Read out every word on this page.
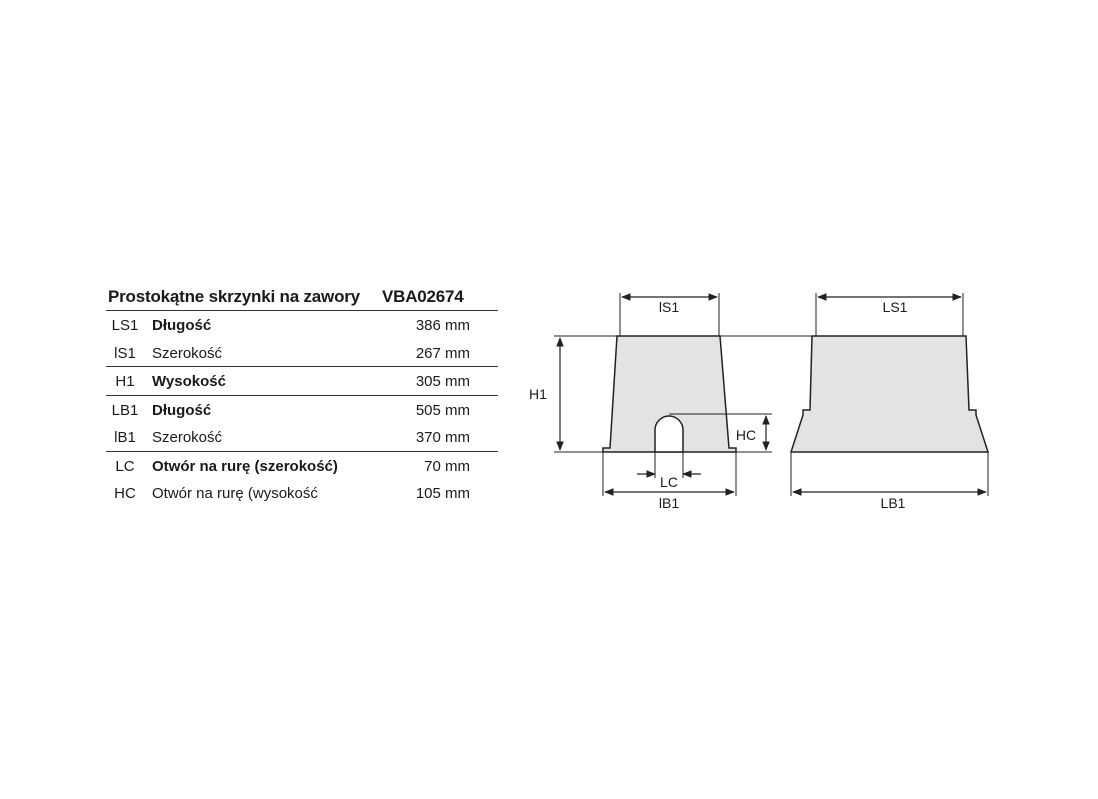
Prostokątne skrzynki na zawory VBA02674
LS1 Długość	386 mm
lS1	Szerokość	267 mm
H1	Wysokość	305 mm
LB1 Długość	505 mm
lB1	Szerokość	370 mm
LC	Otwór na rurę (szerokość)	70 mm
HC	Otwór na rurę (wysokość	105 mm
lS1	LS1
H1
HC
LC
lB1	LB1
